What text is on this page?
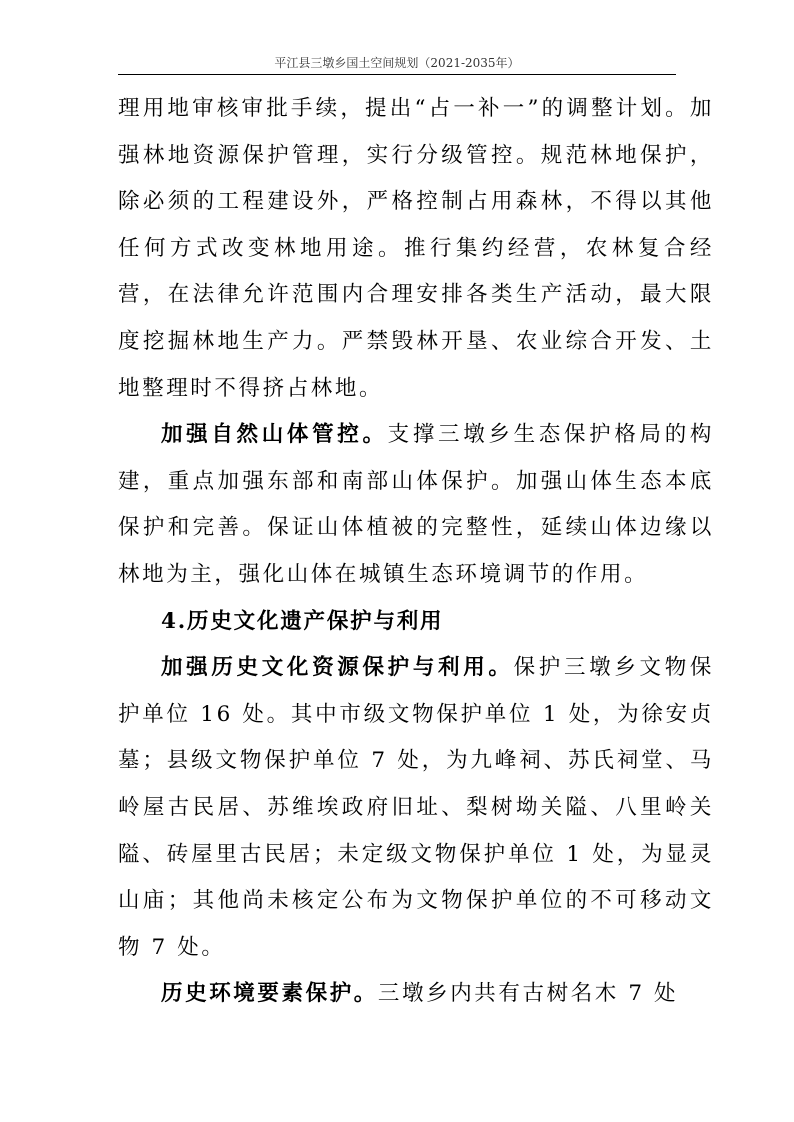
平江县三墩乡国土空间规划（2021-2035年）

理用地审核审批手续，提出“占一补一”的调整计划。加强林地资源保护管理，实行分级管控。规范林地保护，除必须的工程建设外，严格控制占用森林，不得以其他任何方式改变林地用途。推行集约经营，农林复合经营，在法律允许范围内合理安排各类生产活动，最大限度挖掘林地生产力。严禁毁林开垦、农业综合开发、土地整理时不得挤占林地。

加强自然山体管控。支撑三墩乡生态保护格局的构建，重点加强东部和南部山体保护。加强山体生态本底保护和完善。保证山体植被的完整性，延续山体边缘以林地为主，强化山体在城镇生态环境调节的作用。

4.历史文化遗产保护与利用

加强历史文化资源保护与利用。保护三墩乡文物保护单位 16 处。其中市级文物保护单位 1 处，为徐安贞墓；县级文物保护单位 7 处，为九峰祠、苏氏祠堂、马岭屋古民居、苏维埃政府旧址、梨树坳关隘、八里岭关隘、砖屋里古民居；未定级文物保护单位 1 处，为显灵山庙；其他尚未核定公布为文物保护单位的不可移动文物 7 处。

历史环境要素保护。三墩乡内共有古树名木 7 处
